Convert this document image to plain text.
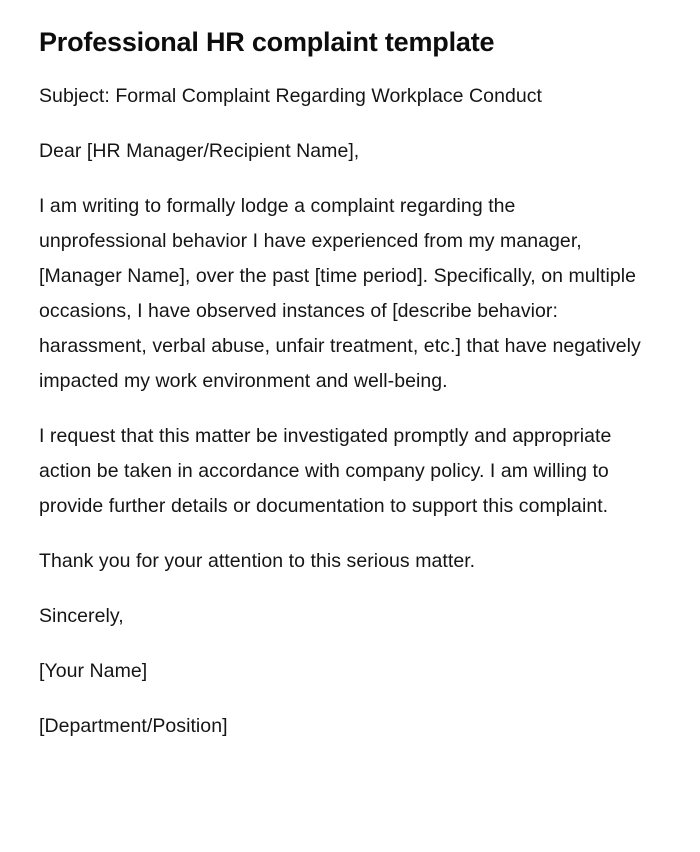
Professional HR complaint template

Subject: Formal Complaint Regarding Workplace Conduct

Dear [HR Manager/Recipient Name],

I am writing to formally lodge a complaint regarding the unprofessional behavior I have experienced from my manager, [Manager Name], over the past [time period]. Specifically, on multiple occasions, I have observed instances of [describe behavior: harassment, verbal abuse, unfair treatment, etc.] that have negatively impacted my work environment and well-being.

I request that this matter be investigated promptly and appropriate action be taken in accordance with company policy. I am willing to provide further details or documentation to support this complaint.

Thank you for your attention to this serious matter.

Sincerely,

[Your Name]

[Department/Position]
